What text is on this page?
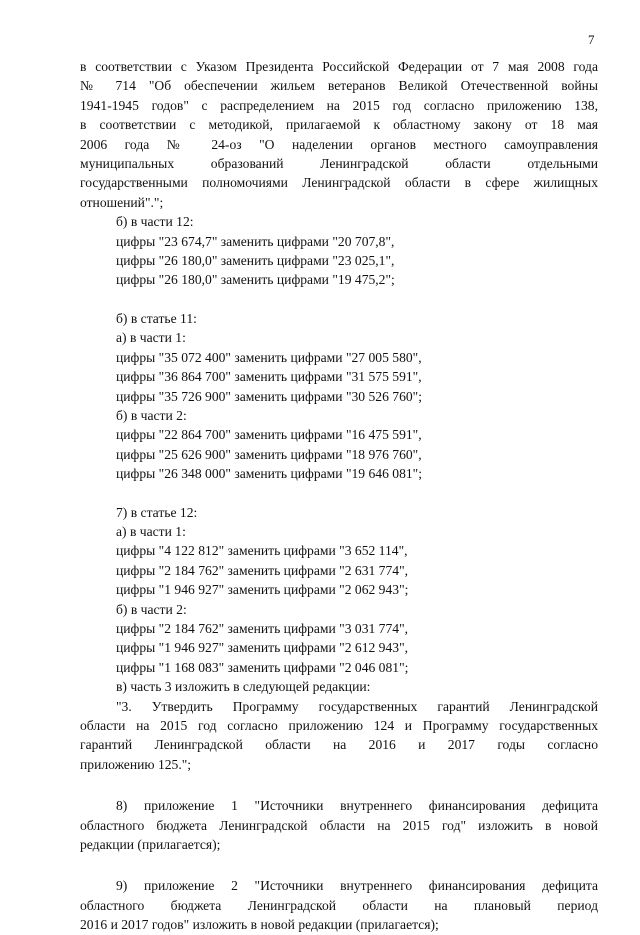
7
в соответствии с Указом Президента Российской Федерации от 7 мая 2008 года
№ 714 "Об обеспечении жильем ветеранов Великой Отечественной войны
1941-1945 годов" с распределением на 2015 год согласно приложению 138,
в соответствии с методикой, прилагаемой к областному закону от 18 мая
2006 года № 24-оз "О наделении органов местного самоуправления
муниципальных образований Ленинградской области отдельными
государственными полномочиями Ленинградской области в сфере жилищных
отношений".";
б) в части 12:
цифры "23 674,7" заменить цифрами "20 707,8",
цифры "26 180,0" заменить цифрами "23 025,1",
цифры "26 180,0" заменить цифрами "19 475,2";
б) в статье 11:
а) в части 1:
цифры "35 072 400" заменить цифрами "27 005 580",
цифры "36 864 700" заменить цифрами "31 575 591",
цифры "35 726 900" заменить цифрами "30 526 760";
б) в части 2:
цифры "22 864 700" заменить цифрами "16 475 591",
цифры "25 626 900" заменить цифрами "18 976 760",
цифры "26 348 000" заменить цифрами "19 646 081";
7) в статье 12:
а) в части 1:
цифры "4 122 812" заменить цифрами "3 652 114",
цифры "2 184 762" заменить цифрами "2 631 774",
цифры "1 946 927" заменить цифрами "2 062 943";
б) в части 2:
цифры "2 184 762" заменить цифрами "3 031 774",
цифры "1 946 927" заменить цифрами "2 612 943",
цифры "1 168 083" заменить цифрами "2 046 081";
в) часть 3 изложить в следующей редакции:
"3. Утвердить Программу государственных гарантий Ленинградской
области на 2015 год согласно приложению 124 и Программу государственных
гарантий Ленинградской области на 2016 и 2017 годы согласно
приложению 125.";
8) приложение 1 "Источники внутреннего финансирования дефицита
областного бюджета Ленинградской области на 2015 год" изложить в новой
редакции (прилагается);
9) приложение 2 "Источники внутреннего финансирования дефицита
областного бюджета Ленинградской области на плановый период
2016 и 2017 годов" изложить в новой редакции (прилагается);
